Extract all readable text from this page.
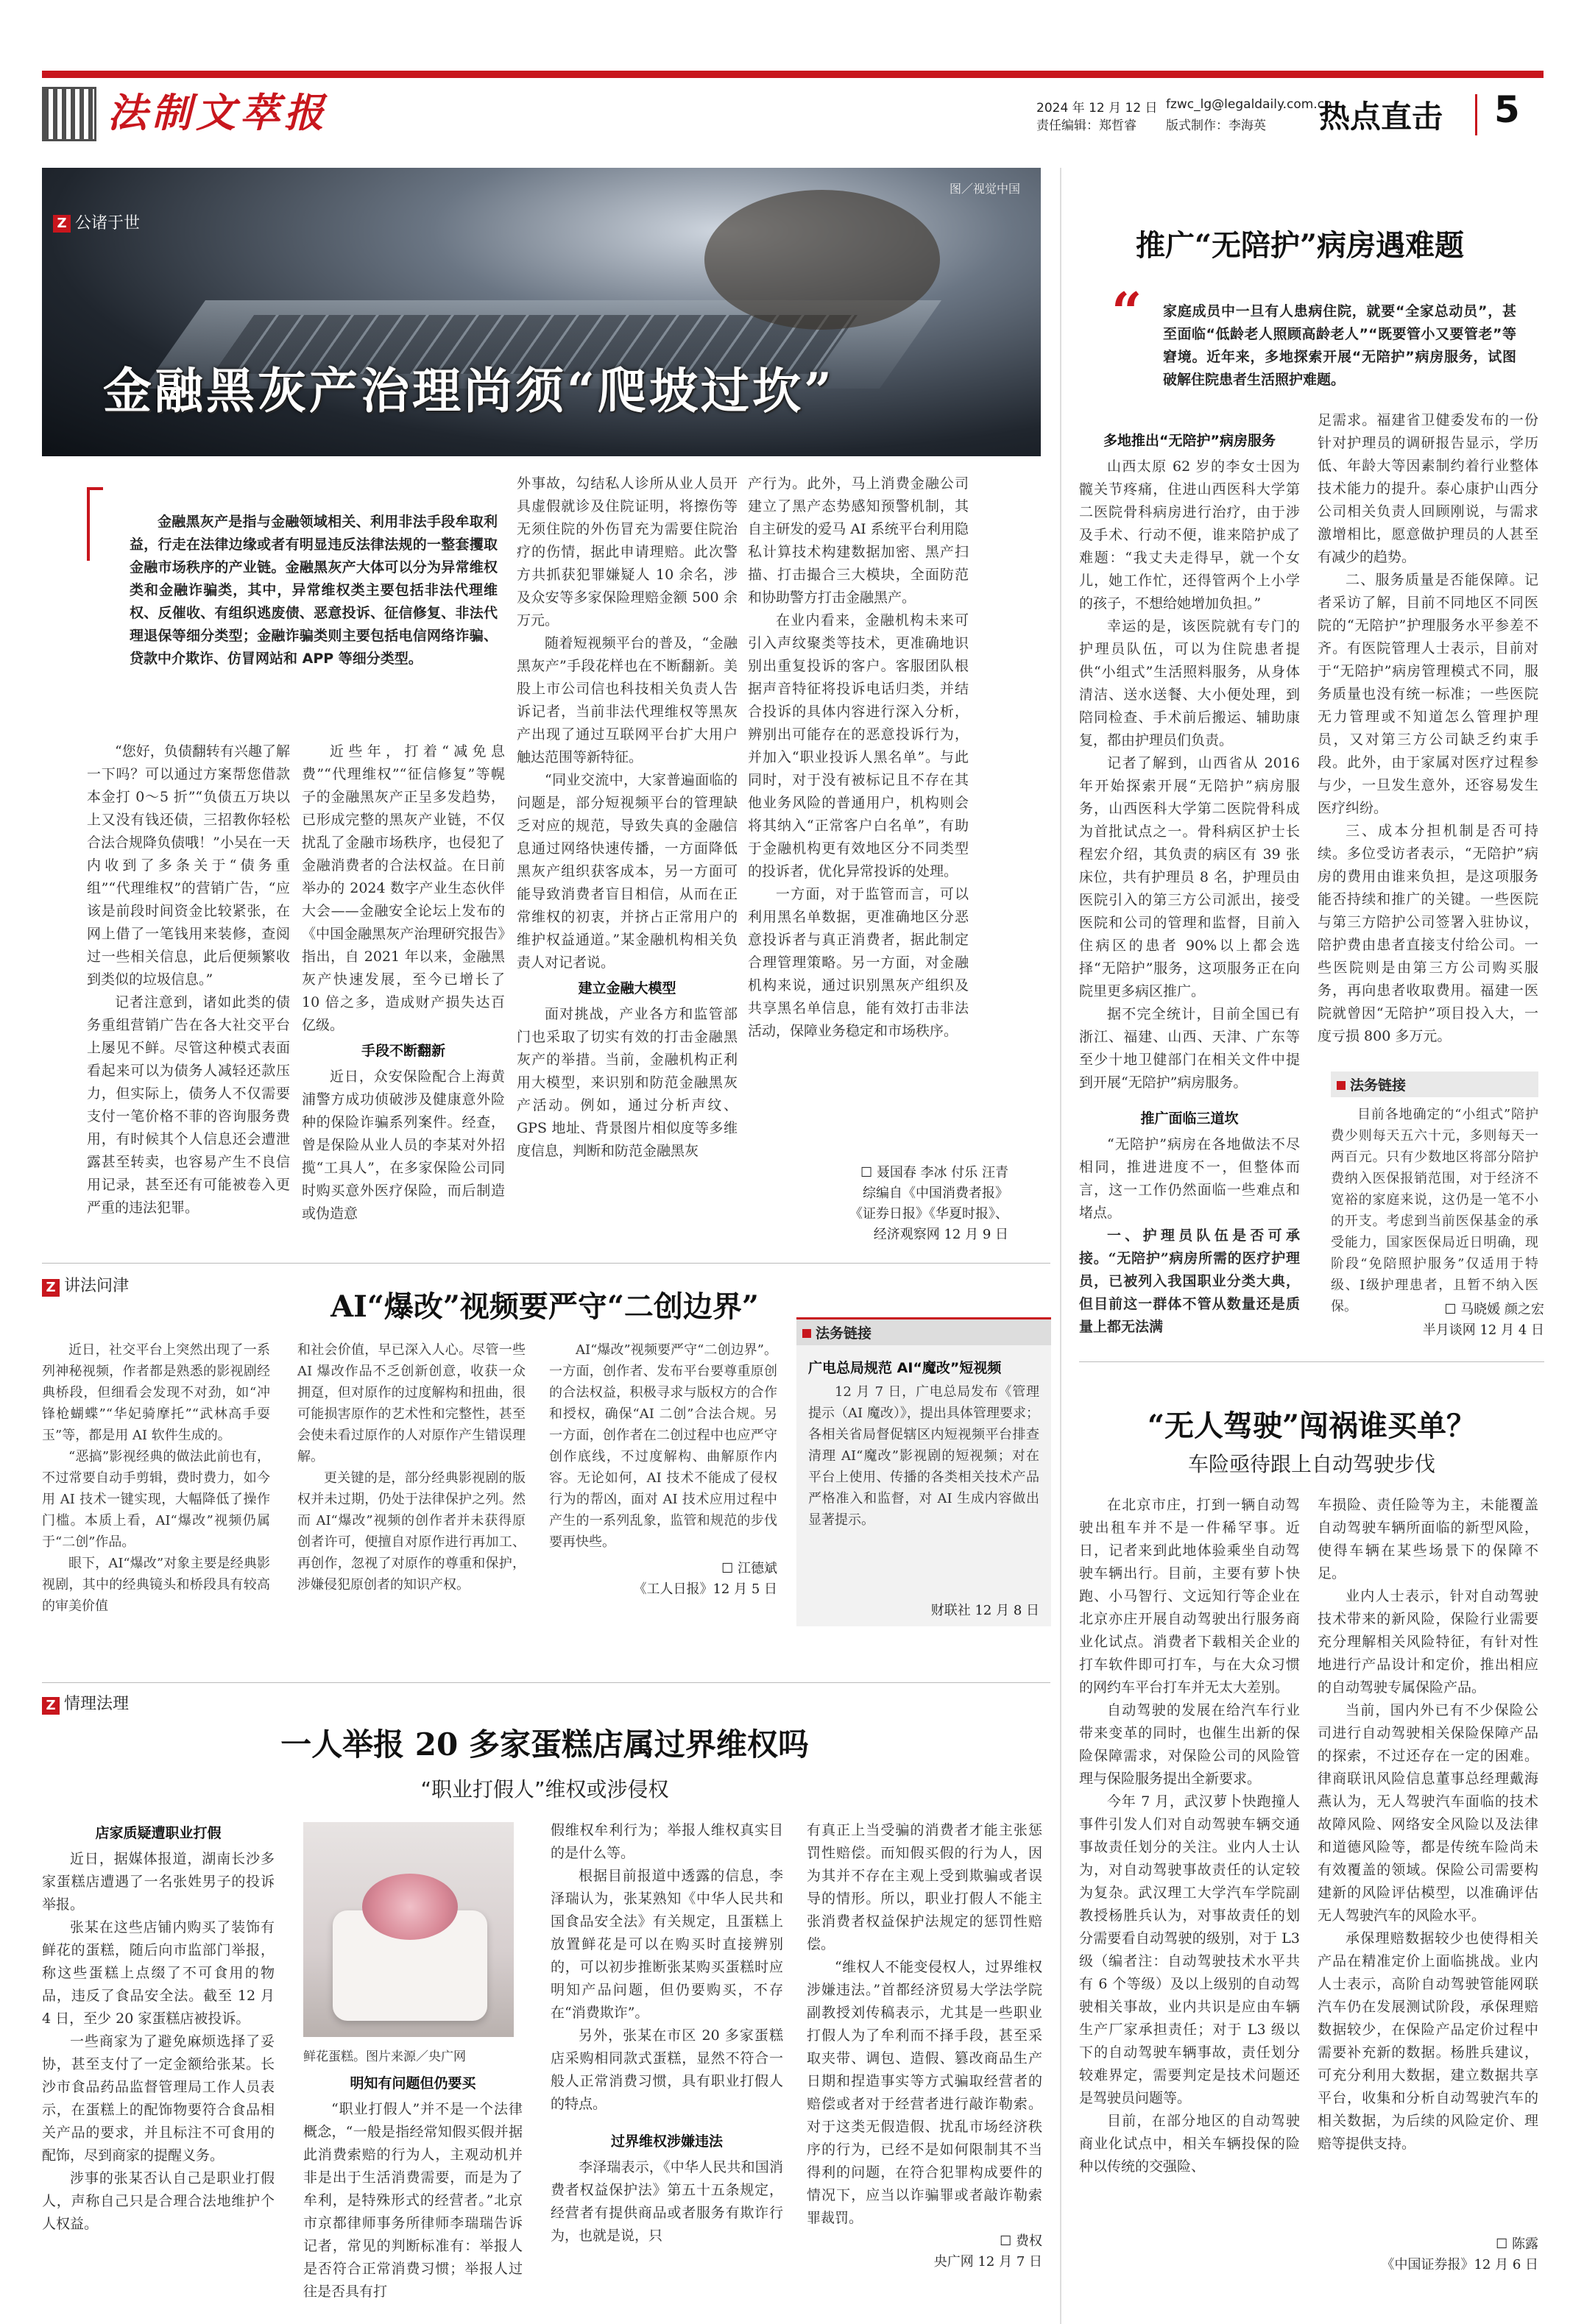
法制文萃报	2024 年 12 月 12 日
责任编辑：郑哲睿
fzwc_lg@legaldaily.com.cn
版式制作：李海英 热点直击 5
图／视觉中国
Z 公诸于世
金融黑灰产治理尚须“爬坡过坎”
金融黑灰产是指与金融领域相关、利用非法手段牟取利益，行走在法律边缘或者有明显违反法律法规的一整套攫取金融市场秩序的产业链。金融黑灰产大体可以分为异常维权类和金融诈骗类，其中，异常维权类主要包括非法代理维权、反催收、有组织逃废债、恶意投诉、征信修复、非法代理退保等细分类型；金融诈骗类则主要包括电信网络诈骗、贷款中介欺诈、仿冒网站和 APP 等细分类型。

“您好，负债翻转有兴趣了解一下吗？可以通过方案帮您借款本金打 0～5 折”“负债五万块以上又没有钱还债，三招教你轻松合法合规降负债哦！”小吴在一天内收到了多条关于“债务重组”“代理维权”的营销广告，“应该是前段时间资金比较紧张，在网上借了一笔钱用来装修，查阅过一些相关信息，此后便频繁收到类似的垃圾信息。”

记者注意到，诸如此类的债务重组营销广告在各大社交平台上屡见不鲜。尽管这种模式表面看起来可以为债务人减轻还款压力，但实际上，债务人不仅需要支付一笔价格不菲的咨询服务费用，有时候其个人信息还会遭泄露甚至转卖，也容易产生不良信用记录，甚至还有可能被卷入更严重的违法犯罪。

近些年，打着“减免息费”“代理维权”“征信修复”等幌子的金融黑灰产正呈多发趋势，已形成完整的黑灰产业链，不仅扰乱了金融市场秩序，也侵犯了金融消费者的合法权益。在日前举办的 2024 数字产业生态伙伴大会——金融安全论坛上发布的《中国金融黑灰产治理研究报告》指出，自 2021 年以来，金融黑灰产快速发展，至今已增长了 10 倍之多，造成财产损失达百亿级。

手段不断翻新

近日，众安保险配合上海黄浦警方成功侦破涉及健康意外险种的保险诈骗系列案件。经查，曾是保险从业人员的李某对外招揽“工具人”，在多家保险公司同时购买意外医疗保险，而后制造或伪造意

外事故，勾结私人诊所从业人员开具虚假就诊及住院证明，将擦伤等无须住院的外伤冒充为需要住院治疗的伤情，据此申请理赔。此次警方共抓获犯罪嫌疑人 10 余名，涉及众安等多家保险理赔金额 500 余万元。

随着短视频平台的普及，“金融黑灰产”手段花样也在不断翻新。美股上市公司信也科技相关负责人告诉记者，当前非法代理维权等黑灰产出现了通过互联网平台扩大用户触达范围等新特征。

“同业交流中，大家普遍面临的问题是，部分短视频平台的管理缺乏对应的规范，导致失真的金融信息通过网络快速传播，一方面降低黑灰产组织获客成本，另一方面可能导致消费者盲目相信，从而在正常维权的初衷，并挤占正常用户的维护权益通道。”某金融机构相关负责人对记者说。

建立金融大模型

面对挑战，产业各方和监管部门也采取了切实有效的打击金融黑灰产的举措。当前，金融机构正利用大模型，来识别和防范金融黑灰产活动。例如，通过分析声纹、GPS 地址、背景图片相似度等多维度信息，判断和防范金融黑灰

产行为。此外，马上消费金融公司建立了黑产态势感知预警机制，其自主研发的爱马 AI 系统平台利用隐私计算技术构建数据加密、黑产扫描、打击撮合三大模块，全面防范和协助警方打击金融黑产。

在业内看来，金融机构未来可引入声纹聚类等技术，更准确地识别出重复投诉的客户。客服团队根据声音特征将投诉电话归类，并结合投诉的具体内容进行深入分析，辨别出可能存在的恶意投诉行为，并加入“职业投诉人黑名单”。与此同时，对于没有被标记且不存在其他业务风险的普通用户，机构则会将其纳入“正常客户白名单”，有助于金融机构更有效地区分不同类型的投诉者，优化异常投诉的处理。

一方面，对于监管而言，可以利用黑名单数据，更准确地区分恶意投诉者与真正消费者，据此制定合理管理策略。另一方面，对金融机构来说，通过识别黑灰产组织及共享黑名单信息，能有效打击非法活动，保障业务稳定和市场秩序。

☐ 聂国春 李冰 付乐 汪青
综编自《中国消费者报》
《证券日报》《华夏时报》、
经济观察网 12 月 9 日
推广“无陪护”病房遇难题
“ 家庭成员中一旦有人患病住院，就要“全家总动员”，甚至面临“低龄老人照顾高龄老人”“既要管小又要管老”等窘境。近年来，多地探索开展“无陪护”病房服务，试图破解住院患者生活照护难题。
多地推出“无陪护”病房服务

山西太原 62 岁的李女士因为髋关节疼痛，住进山西医科大学第二医院骨科病房进行治疗，由于涉及手术、行动不便，谁来陪护成了难题：“我丈夫走得早，就一个女儿，她工作忙，还得管两个上小学的孩子，不想给她增加负担。”

幸运的是，该医院就有专门的护理员队伍，可以为住院患者提供“小组式”生活照料服务，从身体清洁、送水送餐、大小便处理，到陪同检查、手术前后搬运、辅助康复，都由护理员们负责。

记者了解到，山西省从 2016 年开始探索开展“无陪护”病房服务，山西医科大学第二医院骨科成为首批试点之一。骨科病区护士长程宏介绍，其负责的病区有 39 张床位，共有护理员 8 名，护理员由医院引入的第三方公司派出，接受医院和公司的管理和监督，目前入住病区的患者 90%以上都会选择“无陪护”服务，这项服务正在向院里更多病区推广。

据不完全统计，目前全国已有浙江、福建、山西、天津、广东等至少十地卫健部门在相关文件中提到开展“无陪护”病房服务。

推广面临三道坎

“无陪护”病房在各地做法不尽相同，推进进度不一，但整体而言，这一工作仍然面临一些难点和堵点。

一、护理员队伍是否可承接。“无陪护”病房所需的医疗护理员，已被列入我国职业分类大典，但目前这一群体不管从数量还是质量上都无法满

足需求。福建省卫健委发布的一份针对护理员的调研报告显示，学历低、年龄大等因素制约着行业整体技术能力的提升。泰心康护山西分公司相关负责人回顾刚说，与需求激增相比，愿意做护理员的人甚至有减少的趋势。

二、服务质量是否能保障。记者采访了解，目前不同地区不同医院的“无陪护”护理服务水平参差不齐。有医院管理人士表示，目前对于“无陪护”病房管理模式不同，服务质量也没有统一标准；一些医院无力管理或不知道怎么管理护理员，又对第三方公司缺乏约束手段。此外，由于家属对医疗过程参与少，一旦发生意外，还容易发生医疗纠纷。

三、成本分担机制是否可持续。多位受访者表示，“无陪护”病房的费用由谁来负担，是这项服务能否持续和推广的关键。一些医院与第三方陪护公司签署入驻协议，陪护费由患者直接支付给公司。一些医院则是由第三方公司购买服务，再向患者收取费用。福建一医院就曾因“无陪护”项目投入大，一度亏损 800 多万元。

法务链接
目前各地确定的“小组式”陪护费少则每天五六十元，多则每天一两百元。只有少数地区将部分陪护费纳入医保报销范围，对于经济不宽裕的家庭来说，这仍是一笔不小的开支。考虑到当前医保基金的承受能力，国家医保局近日明确，现阶段“免陪照护服务”仅适用于特级、Ⅰ级护理患者，且暂不纳入医保。	☐ 马晓媛 颜之宏
半月谈网 12 月 4 日
Z 讲法问津
AI“爆改”视频要严守“二创边界”

近日，社交平台上突然出现了一系列神秘视频，作者都是熟悉的影视剧经典桥段，但细看会发现不对劲，如“冲锋枪蝴蝶”“华妃骑摩托”“武林高手耍玉”等，都是用 AI 软件生成的。

“恶搞”影视经典的做法此前也有，不过常要自动手剪辑，费时费力，如今用 AI 技术一键实现，大幅降低了操作门槛。本质上看，AI“爆改”视频仍属于“二创”作品。

眼下，AI“爆改”对象主要是经典影视剧，其中的经典镜头和桥段具有较高的审美价值

和社会价值，早已深入人心。尽管一些 AI 爆改作品不乏创新创意，收获一众拥趸，但对原作的过度解构和扭曲，很可能损害原作的艺术性和完整性，甚至会使未看过原作的人对原作产生错误理解。

更关键的是，部分经典影视剧的版权并未过期，仍处于法律保护之列。然而 AI“爆改”视频的创作者并未获得原创者许可，便擅自对原作进行再加工、再创作，忽视了对原作的尊重和保护，涉嫌侵犯原创者的知识产权。

AI“爆改”视频要严守“二创边界”。一方面，创作者、发布平台要尊重原创的合法权益，积极寻求与版权方的合作和授权，确保“AI 二创”合法合规。另一方面，创作者在二创过程中也应严守创作底线，不过度解构、曲解原作内容。无论如何，AI 技术不能成了侵权行为的帮凶，面对 AI 技术应用过程中产生的一系列乱象，监管和规范的步伐要再快些。

☐ 江德斌
《工人日报》12 月 5 日
法务链接
广电总局规范 AI“魔改”短视频
12 月 7 日，广电总局发布《管理提示（AI 魔改）》，提出具体管理要求；各相关省局督促辖区内短视频平台排查清理 AI“魔改”影视剧的短视频；对在平台上使用、传播的各类相关技术产品严格准入和监督，对 AI 生成内容做出显著提示。
财联社 12 月 8 日
Z 情理法理
一人举报 20 多家蛋糕店属过界维权吗
“职业打假人”维权或涉侵权
店家质疑遭职业打假

近日，据媒体报道，湖南长沙多家蛋糕店遭遇了一名张姓男子的投诉举报。

张某在这些店铺内购买了装饰有鲜花的蛋糕，随后向市监部门举报，称这些蛋糕上点缀了不可食用的物品，违反了食品安全法。截至 12 月 4 日，至少 20 家蛋糕店被投诉。

一些商家为了避免麻烦选择了妥协，甚至支付了一定金额给张某。长沙市食品药品监督管理局工作人员表示，在蛋糕上的配饰物要符合食品相关产品的要求，并且标注不可食用的配饰，尽到商家的提醒义务。

涉事的张某否认自己是职业打假人，声称自己只是合理合法地维护个人权益。

鲜花蛋糕。图片来源／央广网
明知有问题但仍要买

“职业打假人”并不是一个法律概念，“一般是指经常知假买假并据此消费索赔的行为人，主观动机并非是出于生活消费需要，而是为了牟利，是特殊形式的经营者。”北京市京都律师事务所律师李瑞瑞告诉记者，常见的判断标准有：举报人是否符合正常消费习惯；举报人过往是否具有打

假维权牟利行为；举报人维权真实目的是什么等。

根据目前报道中透露的信息，李泽瑞认为，张某熟知《中华人民共和国食品安全法》有关规定，且蛋糕上放置鲜花是可以在购买时直接辨别的，可以初步推断张某购买蛋糕时应明知产品问题，但仍要购买，不存在“消费欺诈”。

另外，张某在市区 20 多家蛋糕店采购相同款式蛋糕，显然不符合一般人正常消费习惯，具有职业打假人的特点。

过界维权涉嫌违法

李泽瑞表示，《中华人民共和国消费者权益保护法》第五十五条规定，经营者有提供商品或者服务有欺诈行为，也就是说，只

有真正上当受骗的消费者才能主张惩罚性赔偿。而知假买假的行为人，因为其并不存在主观上受到欺骗或者误导的情形。所以，职业打假人不能主张消费者权益保护法规定的惩罚性赔偿。

“维权人不能变侵权人，过界维权涉嫌违法。”首都经济贸易大学法学院副教授刘传稿表示，尤其是一些职业打假人为了牟利而不择手段，甚至采取夹带、调包、造假、篡改商品生产日期和捏造事实等方式骗取经营者的赔偿或者对于经营者进行敲诈勒索。对于这类无假造假、扰乱市场经济秩序的行为，已经不是如何限制其不当得利的问题，在符合犯罪构成要件的情况下，应当以诈骗罪或者敲诈勒索罪裁罚。

☐ 费权
央广网 12 月 7 日
“无人驾驶”闯祸谁买单？
车险亟待跟上自动驾驶步伐

在北京市庄，打到一辆自动驾驶出租车并不是一件稀罕事。近日，记者来到此地体验乘坐自动驾驶车辆出行。目前，主要有萝卜快跑、小马智行、文远知行等企业在北京亦庄开展自动驾驶出行服务商业化试点。消费者下载相关企业的打车软件即可打车，与在大众习惯的网约车平台打车并无太大差别。

自动驾驶的发展在给汽车行业带来变革的同时，也催生出新的保险保障需求，对保险公司的风险管理与保险服务提出全新要求。

今年 7 月，武汉萝卜快跑撞人事件引发人们对自动驾驶车辆交通事故责任划分的关注。业内人士认为，对自动驾驶事故责任的认定较为复杂。武汉理工大学汽车学院副教授杨胜兵认为，对事故责任的划分需要看自动驾驶的级别，对于 L3 级（编者注：自动驾驶技术水平共有 6 个等级）及以上级别的自动驾驶相关事故，业内共识是应由车辆生产厂家承担责任；对于 L3 级以下的自动驾驶车辆事故，责任划分较难界定，需要判定是技术问题还是驾驶员问题等。

目前，在部分地区的自动驾驶商业化试点中，相关车辆投保的险种以传统的交强险、

车损险、责任险等为主，未能覆盖自动驾驶车辆所面临的新型风险，使得车辆在某些场景下的保障不足。

业内人士表示，针对自动驾驶技术带来的新风险，保险行业需要充分理解相关风险特征，有针对性地进行产品设计和定价，推出相应的自动驾驶专属保险产品。

当前，国内外已有不少保险公司进行自动驾驶相关保险保障产品的探索，不过还存在一定的困难。律商联讯风险信息董事总经理戴海燕认为，无人驾驶汽车面临的技术故障风险、网络安全风险以及法律和道德风险等，都是传统车险尚未有效覆盖的领域。保险公司需要构建新的风险评估模型，以准确评估无人驾驶汽车的风险水平。

承保理赔数据较少也使得相关产品在精准定价上面临挑战。业内人士表示，高阶自动驾驶管能网联汽车仍在发展测试阶段，承保理赔数据较少，在保险产品定价过程中需要补充新的数据。杨胜兵建议，可充分利用大数据，建立数据共享平台，收集和分析自动驾驶汽车的相关数据，为后续的风险定价、理赔等提供支持。

☐ 陈露
《中国证券报》12 月 6 日
